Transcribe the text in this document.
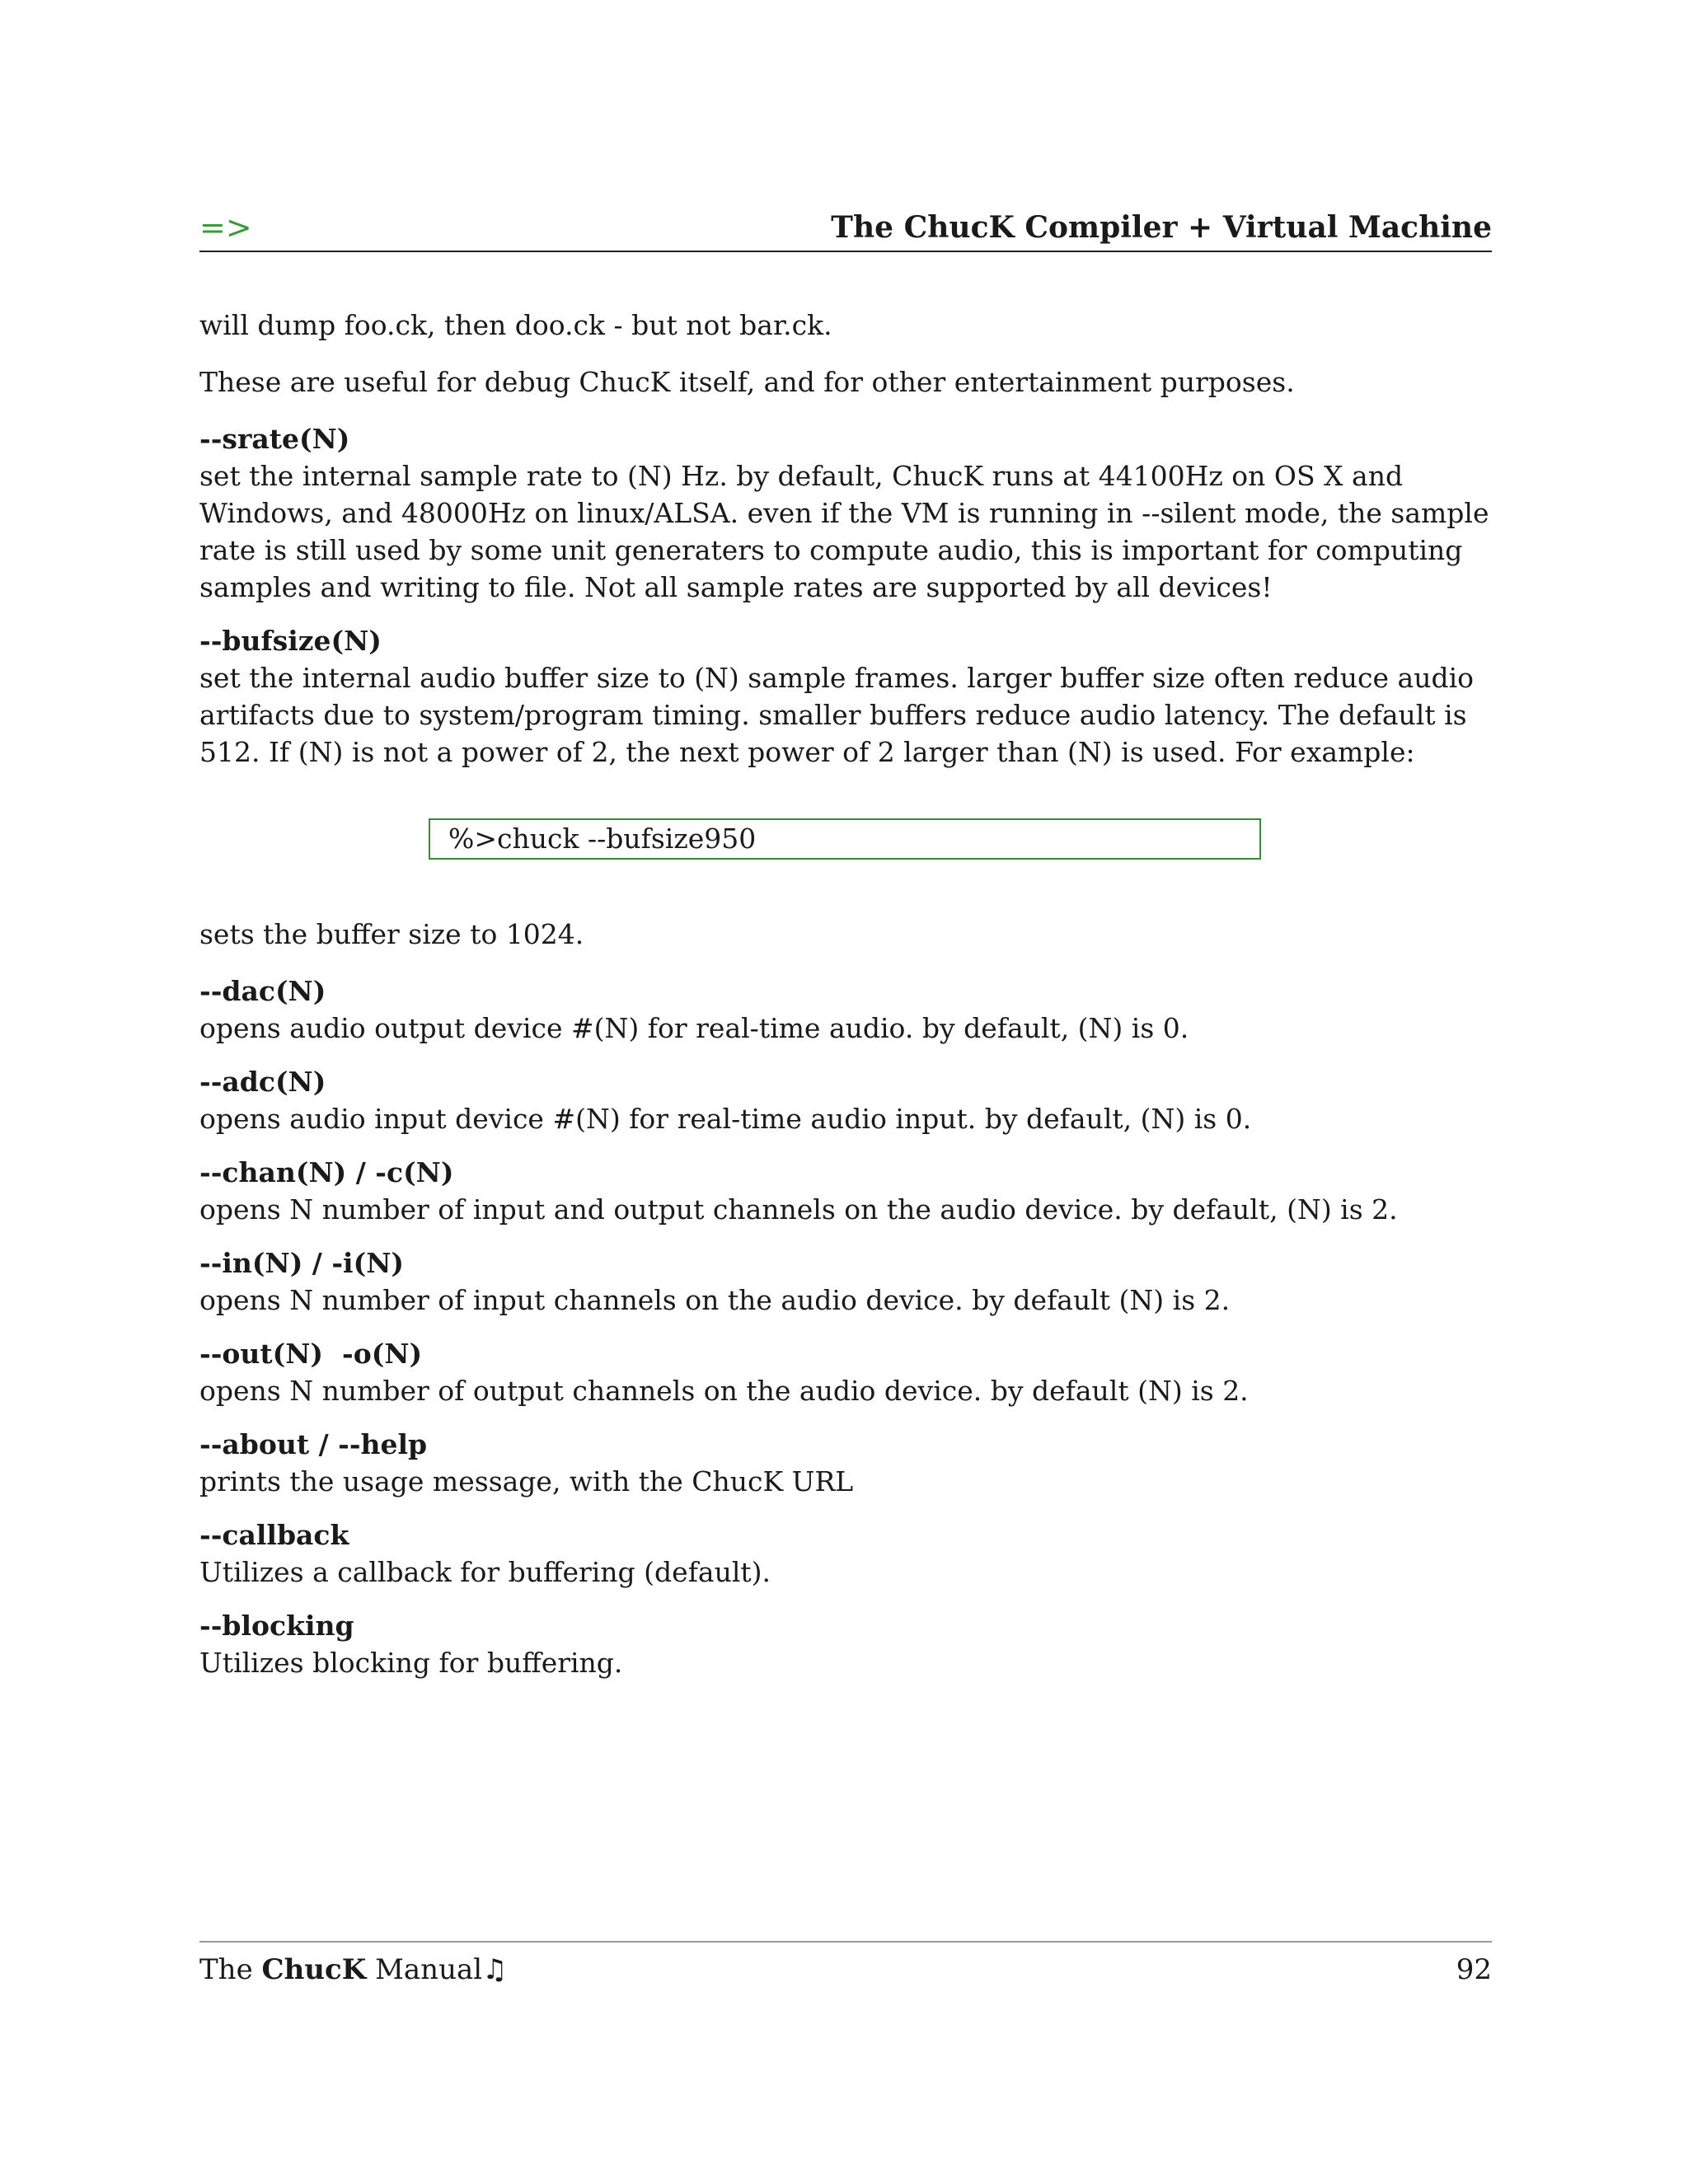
=>	The ChucK Compiler + Virtual Machine

will dump foo.ck, then doo.ck - but not bar.ck.

These are useful for debug ChucK itself, and for other entertainment purposes.

--srate(N)

set the internal sample rate to (N) Hz. by default, ChucK runs at 44100Hz on OS X and Windows, and 48000Hz on linux/ALSA. even if the VM is running in --silent mode, the sample rate is still used by some unit generaters to compute audio, this is important for computing samples and writing to file. Not all sample rates are supported by all devices!

--bufsize(N)

set the internal audio buffer size to (N) sample frames. larger buffer size often reduce audio artifacts due to system/program timing. smaller buffers reduce audio latency. The default is 512. If (N) is not a power of 2, the next power of 2 larger than (N) is used. For example:

%>chuck --bufsize950

sets the buffer size to 1024.

--dac(N)

opens audio output device #(N) for real-time audio. by default, (N) is 0.

--adc(N)

opens audio input device #(N) for real-time audio input. by default, (N) is 0.

--chan(N) / -c(N)

opens N number of input and output channels on the audio device. by default, (N) is 2.

--in(N) / -i(N)

opens N number of input channels on the audio device. by default (N) is 2.

--out(N)  -o(N)

opens N number of output channels on the audio device. by default (N) is 2.

--about / --help

prints the usage message, with the ChucK URL

--callback

Utilizes a callback for buffering (default).

--blocking

Utilizes blocking for buffering.

The ChucK Manual♫	92
